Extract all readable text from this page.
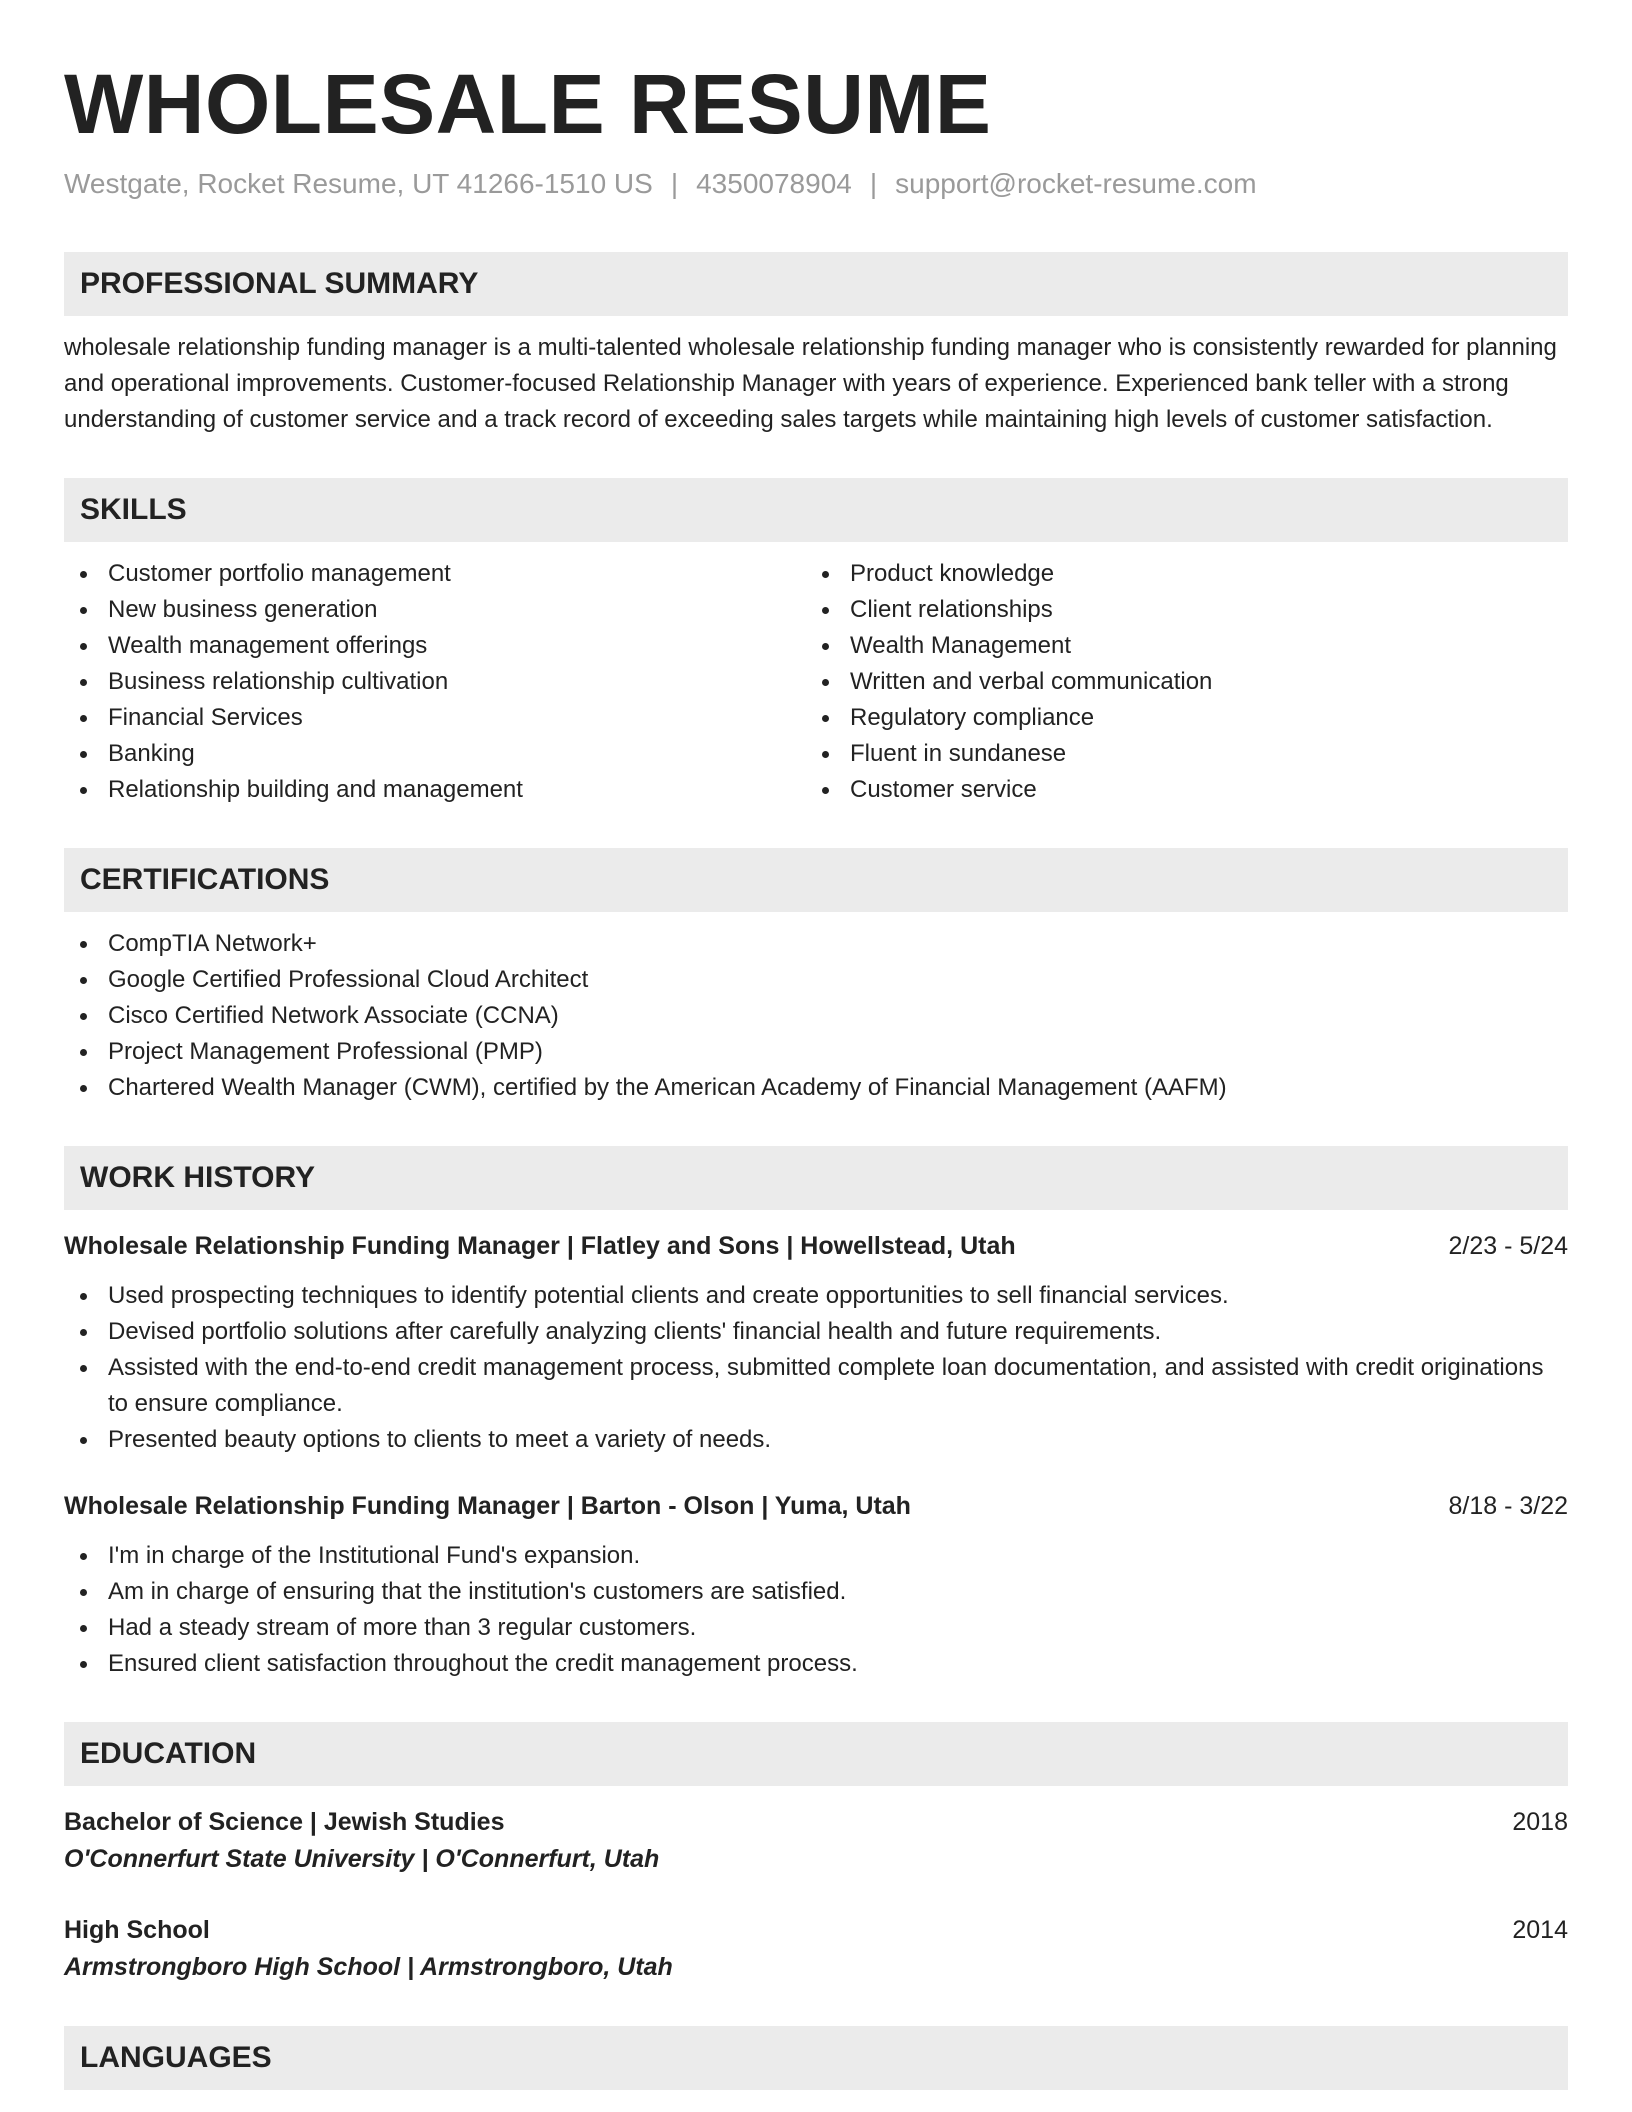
WHOLESALE RESUME
Westgate, Rocket Resume, UT 41266-1510 US | 4350078904 | support@rocket-resume.com
PROFESSIONAL SUMMARY

wholesale relationship funding manager is a multi-talented wholesale relationship funding manager who is consistently rewarded for planning and operational improvements. Customer-focused Relationship Manager with years of experience. Experienced bank teller with a strong understanding of customer service and a track record of exceeding sales targets while maintaining high levels of customer satisfaction.

SKILLS
Customer portfolio management
New business generation
Wealth management offerings
Business relationship cultivation
Financial Services
Banking
Relationship building and management
Product knowledge
Client relationships
Wealth Management
Written and verbal communication
Regulatory compliance
Fluent in sundanese
Customer service
CERTIFICATIONS
CompTIA Network+
Google Certified Professional Cloud Architect
Cisco Certified Network Associate (CCNA)
Project Management Professional (PMP)
Chartered Wealth Manager (CWM), certified by the American Academy of Financial Management (AAFM)
WORK HISTORY
Wholesale Relationship Funding Manager | Flatley and Sons | Howellstead, Utah	2/23 - 5/24
Used prospecting techniques to identify potential clients and create opportunities to sell financial services.
Devised portfolio solutions after carefully analyzing clients' financial health and future requirements.
Assisted with the end-to-end credit management process, submitted complete loan documentation, and assisted with credit originations to ensure compliance.
Presented beauty options to clients to meet a variety of needs.
Wholesale Relationship Funding Manager | Barton - Olson | Yuma, Utah	8/18 - 3/22
I'm in charge of the Institutional Fund's expansion.
Am in charge of ensuring that the institution's customers are satisfied.
Had a steady stream of more than 3 regular customers.
Ensured client satisfaction throughout the credit management process.
EDUCATION
Bachelor of Science | Jewish Studies	2018
O'Connerfurt State University | O'Connerfurt, Utah
High School	2014
Armstrongboro High School | Armstrongboro, Utah
LANGUAGES
